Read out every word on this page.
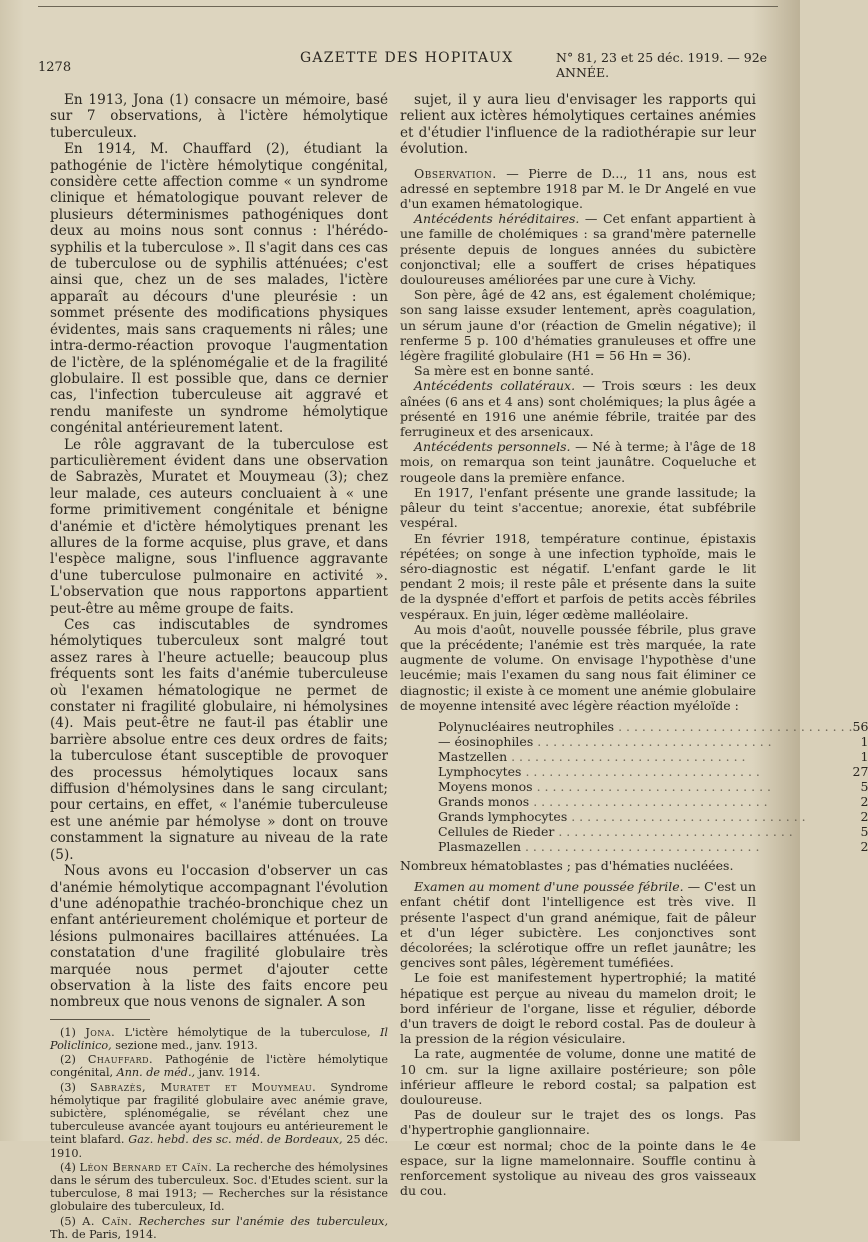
1278
GAZETTE DES HOPITAUX	N° 81, 23 et 25 déc. 1919. — 92e ANNÉE.

En 1913, Jona (1) consacre un mémoire, basé sur 7 observations, à l'ictère hémolytique tuberculeux.

En 1914, M. Chauffard (2), étudiant la pathogénie de l'ictère hémolytique congénital, considère cette affection comme « un syndrome clinique et hématologique pouvant relever de plusieurs déterminismes pathogéniques dont deux au moins nous sont connus : l'hérédo-syphilis et la tuberculose ». Il s'agit dans ces cas de tuberculose ou de syphilis atténuées; c'est ainsi que, chez un de ses malades, l'ictère apparaît au décours d'une pleurésie : un sommet présente des modifications physiques évidentes, mais sans craquements ni râles; une intra-dermo-réaction provoque l'augmentation de l'ictère, de la splénomégalie et de la fragilité globulaire. Il est possible que, dans ce dernier cas, l'infection tuberculeuse ait aggravé et rendu manifeste un syndrome hémolytique congénital antérieurement latent.

Le rôle aggravant de la tuberculose est particulièrement évident dans une observation de Sabrazès, Muratet et Mouymeau (3); chez leur malade, ces auteurs concluaient à « une forme primitivement congénitale et bénigne d'anémie et d'ictère hémolytiques prenant les allures de la forme acquise, plus grave, et dans l'espèce maligne, sous l'influence aggravante d'une tuberculose pulmonaire en activité ». L'observation que nous rapportons appartient peut-être au même groupe de faits.

Ces cas indiscutables de syndromes hémolytiques tuberculeux sont malgré tout assez rares à l'heure actuelle; beaucoup plus fréquents sont les faits d'anémie tuberculeuse où l'examen hématologique ne permet de constater ni fragilité globulaire, ni hémolysines (4). Mais peut-être ne faut-il pas établir une barrière absolue entre ces deux ordres de faits; la tuberculose étant susceptible de provoquer des processus hémolytiques locaux sans diffusion d'hémolysines dans le sang circulant; pour certains, en effet, « l'anémie tuberculeuse est une anémie par hémolyse » dont on trouve constamment la signature au niveau de la rate (5).

Nous avons eu l'occasion d'observer un cas d'anémie hémolytique accompagnant l'évolution d'une adénopathie trachéo-bronchique chez un enfant antérieurement cholémique et porteur de lésions pulmonaires bacillaires atténuées. La constatation d'une fragilité globulaire très marquée nous permet d'ajouter cette observation à la liste des faits encore peu nombreux que nous venons de signaler. A son

(1) Jona. L'ictère hémolytique de la tuberculose, Il Policlinico, sezione med., janv. 1913.

(2) Chauffard. Pathogénie de l'ictère hémolytique congénital, Ann. de méd., janv. 1914.

(3) Sabrazès, Muratet et Mouymeau. Syndrome hémolytique par fragilité globulaire avec anémie grave, subictère, splénomégalie, se révélant chez une tuberculeuse avancée ayant toujours eu antérieurement le teint blafard. Gaz. hebd. des sc. méd. de Bordeaux, 25 déc. 1910.

(4) Léon Bernard et Caïn. La recherche des hémolysines dans le sérum des tuberculeux. Soc. d'Etudes scient. sur la tuberculose, 8 mai 1913; — Recherches sur la résistance globulaire des tuberculeux, Id.

(5) A. Caïn. Recherches sur l'anémie des tuberculeux, Th. de Paris, 1914.

sujet, il y aura lieu d'envisager les rapports qui relient aux ictères hémolytiques certaines anémies et d'étudier l'influence de la radiothérapie sur leur évolution.

Observation. — Pierre de D..., 11 ans, nous est adressé en septembre 1918 par M. le Dr Angelé en vue d'un examen hématologique.

Antécédents héréditaires. — Cet enfant appartient à une famille de cholémiques : sa grand'mère paternelle présente depuis de longues années du subictère conjonctival; elle a souffert de crises hépatiques douloureuses améliorées par une cure à Vichy.

Son père, âgé de 42 ans, est également cholémique; son sang laisse exsuder lentement, après coagulation, un sérum jaune d'or (réaction de Gmelin négative); il renferme 5 p. 100 d'hématies granuleuses et offre une légère fragilité globulaire (H1 = 56 Hn = 36).

Sa mère est en bonne santé.

Antécédents collatéraux. — Trois sœurs : les deux aînées (6 ans et 4 ans) sont cholémiques; la plus âgée a présenté en 1916 une anémie fébrile, traitée par des ferrugineux et des arsenicaux.

Antécédents personnels. — Né à terme; à l'âge de 18 mois, on remarqua son teint jaunâtre. Coqueluche et rougeole dans la première enfance.

En 1917, l'enfant présente une grande lassitude; la pâleur du teint s'accentue; anorexie, état subfébrile vespéral.

En février 1918, température continue, épistaxis répétées; on songe à une infection typhoïde, mais le séro-diagnostic est négatif. L'enfant garde le lit pendant 2 mois; il reste pâle et présente dans la suite de la dyspnée d'effort et parfois de petits accès fébriles vespéraux. En juin, léger œdème malléolaire.

Au mois d'août, nouvelle poussée fébrile, plus grave que la précédente; l'anémie est très marquée, la rate augmente de volume. On envisage l'hypothèse d'une leucémie; mais l'examen du sang nous fait éliminer ce diagnostic; il existe à ce moment une anémie globulaire de moyenne intensité avec légère réaction myéloïde :

Polynucléaires neutrophiles . . . . . . . . . . . . . . . . . . . . . . . . . . . . . .	56
— éosinophiles . . . . . . . . . . . . . . . . . . . . . . . . . . . . . .	1
Mastzellen . . . . . . . . . . . . . . . . . . . . . . . . . . . . . .	1
Lymphocytes . . . . . . . . . . . . . . . . . . . . . . . . . . . . . .	27
Moyens monos . . . . . . . . . . . . . . . . . . . . . . . . . . . . . .	5
Grands monos . . . . . . . . . . . . . . . . . . . . . . . . . . . . . .	2
Grands lymphocytes . . . . . . . . . . . . . . . . . . . . . . . . . . . . . .	2
Cellules de Rieder . . . . . . . . . . . . . . . . . . . . . . . . . . . . . .	5
Plasmazellen . . . . . . . . . . . . . . . . . . . . . . . . . . . . . .	2

Nombreux hématoblastes ; pas d'hématies nucléées.

Examen au moment d'une poussée fébrile. — C'est un enfant chétif dont l'intelligence est très vive. Il présente l'aspect d'un grand anémique, fait de pâleur et d'un léger subictère. Les conjonctives sont décolorées; la sclérotique offre un reflet jaunâtre; les gencives sont pâles, légèrement tuméfiées.

Le foie est manifestement hypertrophié; la matité hépatique est perçue au niveau du mamelon droit; le bord inférieur de l'organe, lisse et régulier, déborde d'un travers de doigt le rebord costal. Pas de douleur à la pression de la région vésiculaire.

La rate, augmentée de volume, donne une matité de 10 cm. sur la ligne axillaire postérieure; son pôle inférieur affleure le rebord costal; sa palpation est douloureuse.

Pas de douleur sur le trajet des os longs. Pas d'hypertrophie ganglionnaire.

Le cœur est normal; choc de la pointe dans le 4e espace, sur la ligne mamelonnaire. Souffle continu à renforcement systolique au niveau des gros vaisseaux du cou.
